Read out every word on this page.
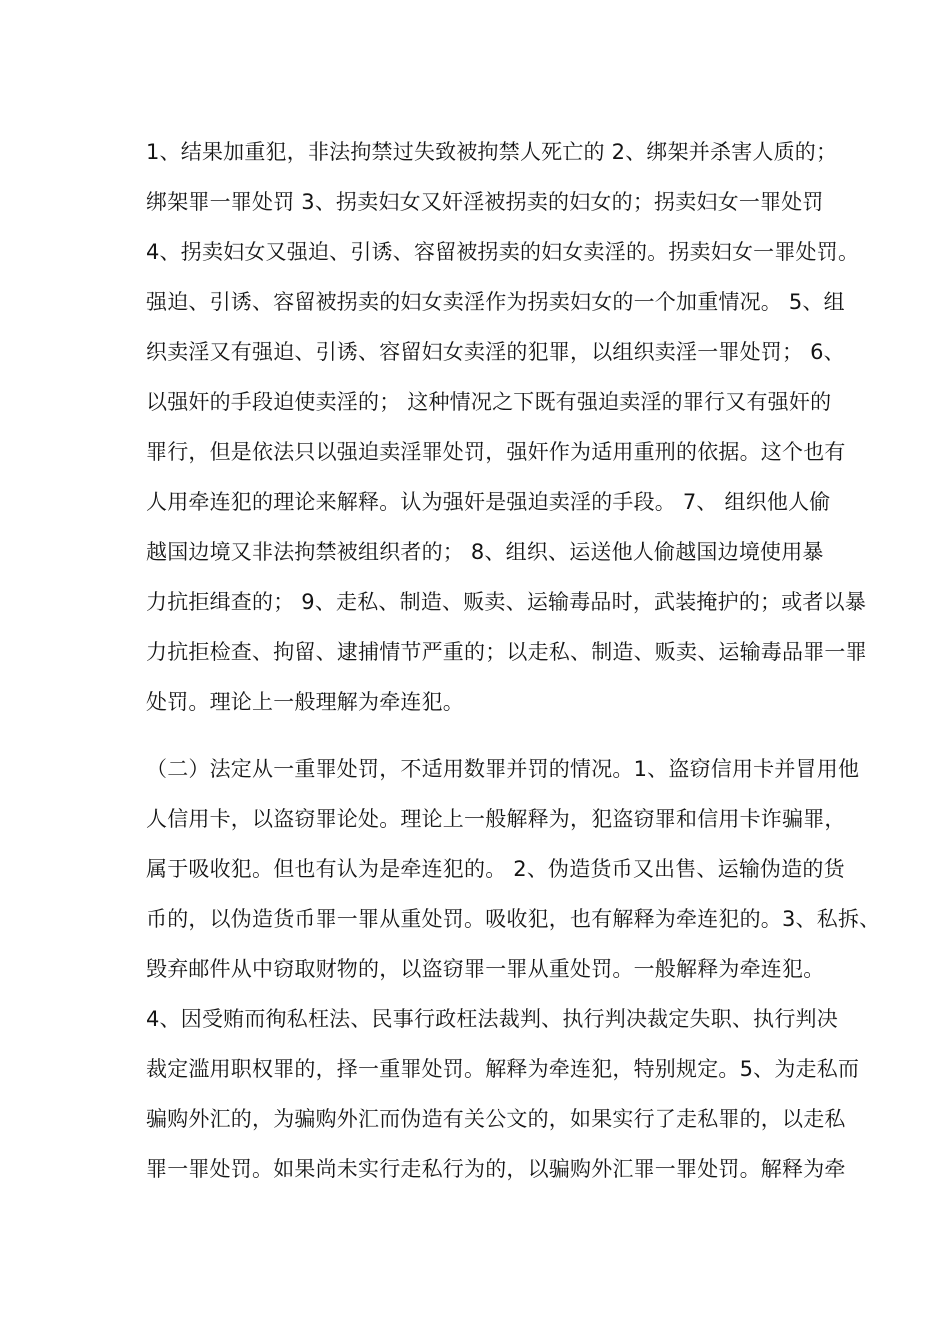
1、结果加重犯，非法拘禁过失致被拘禁人死亡的 2、绑架并杀害人质的；
绑架罪一罪处罚 3、拐卖妇女又奸淫被拐卖的妇女的；拐卖妇女一罪处罚
4、拐卖妇女又强迫、引诱、容留被拐卖的妇女卖淫的。拐卖妇女一罪处罚。
强迫、引诱、容留被拐卖的妇女卖淫作为拐卖妇女的一个加重情况。 5、组
织卖淫又有强迫、引诱、容留妇女卖淫的犯罪，以组织卖淫一罪处罚； 6、
以强奸的手段迫使卖淫的； 这种情况之下既有强迫卖淫的罪行又有强奸的
罪行，但是依法只以强迫卖淫罪处罚，强奸作为适用重刑的依据。这个也有
人用牵连犯的理论来解释。认为强奸是强迫卖淫的手段。 7、 组织他人偷
越国边境又非法拘禁被组织者的； 8、组织、运送他人偷越国边境使用暴
力抗拒缉查的； 9、走私、制造、贩卖、运输毒品时，武装掩护的；或者以暴
力抗拒检查、拘留、逮捕情节严重的；以走私、制造、贩卖、运输毒品罪一罪
处罚。理论上一般理解为牵连犯。
（二）法定从一重罪处罚，不适用数罪并罚的情况。1、盗窃信用卡并冒用他
人信用卡，以盗窃罪论处。理论上一般解释为，犯盗窃罪和信用卡诈骗罪，
属于吸收犯。但也有认为是牵连犯的。 2、伪造货币又出售、运输伪造的货
币的，以伪造货币罪一罪从重处罚。吸收犯，也有解释为牵连犯的。3、私拆、
毁弃邮件从中窃取财物的，以盗窃罪一罪从重处罚。一般解释为牵连犯。
4、因受贿而徇私枉法、民事行政枉法裁判、执行判决裁定失职、执行判决
裁定滥用职权罪的，择一重罪处罚。解释为牵连犯，特别规定。5、为走私而
骗购外汇的，为骗购外汇而伪造有关公文的，如果实行了走私罪的，以走私
罪一罪处罚。如果尚未实行走私行为的，以骗购外汇罪一罪处罚。解释为牵
